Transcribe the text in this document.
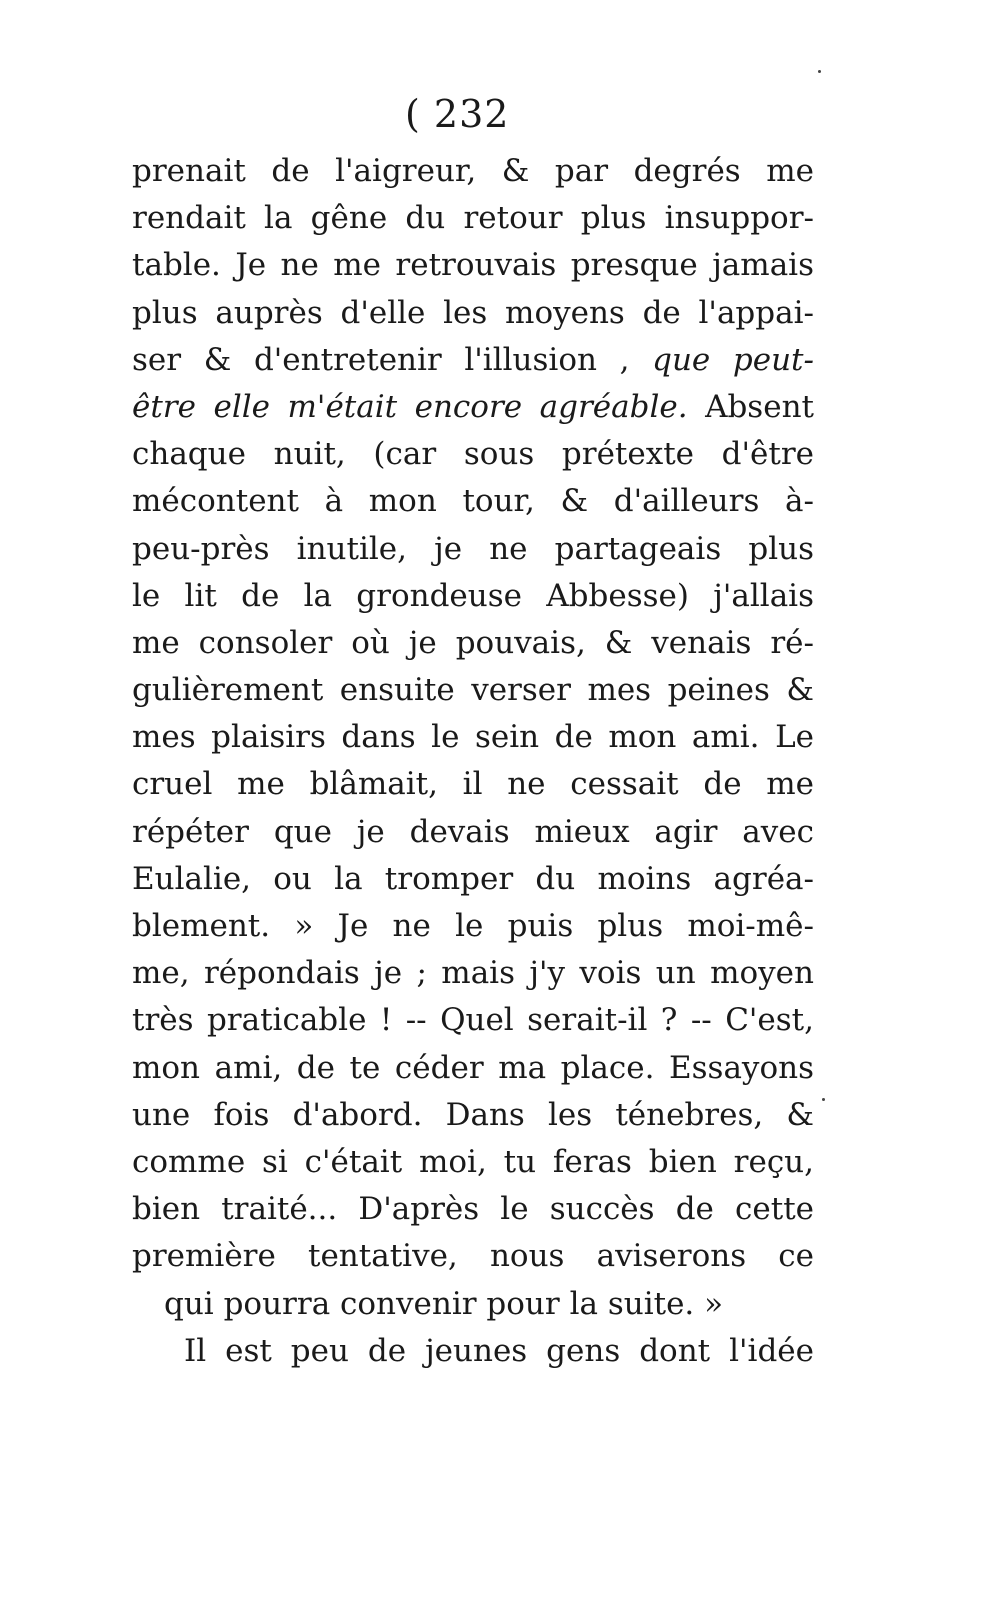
( 232
prenait de l'aigreur, & par degrés me
rendait la gêne du retour plus insuppor-
table. Je ne me retrouvais presque jamais
plus auprès d'elle les moyens de l'appai-
ser & d'entretenir l'illusion , que peut-
être elle m'était encore agréable. Absent
chaque nuit, (car sous prétexte d'être
mécontent à mon tour, & d'ailleurs à-
peu-près inutile, je ne partageais plus
le lit de la grondeuse Abbesse) j'allais
me consoler où je pouvais, & venais ré-
gulièrement ensuite verser mes peines &
mes plaisirs dans le sein de mon ami. Le
cruel me blâmait, il ne cessait de me
répéter que je devais mieux agir avec
Eulalie, ou la tromper du moins agréa-
blement. » Je ne le puis plus moi-mê-
me, répondais je ; mais j'y vois un moyen
très praticable ! -- Quel serait-il ? -- C'est,
mon ami, de te céder ma place. Essayons
une fois d'abord. Dans les ténebres, &
comme si c'était moi, tu feras bien reçu,
bien traité... D'après le succès de cette
première tentative, nous aviserons ce
qui pourra convenir pour la suite. »
Il est peu de jeunes gens dont l'idée
